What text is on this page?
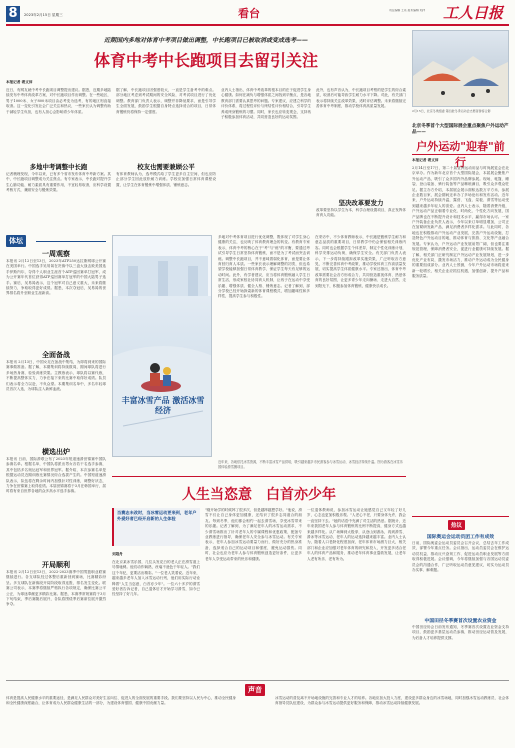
8	2023年2月15日 星期三	看台	责任编辑 王亮 美术编辑 刘洋	工人日报
近期国内多地对体育中考项目做出调整，中长跑项目已被取消或变成选考——
体育中考中长跑项目去留引关注
本报记者 裴文沛
近日，有网友就中考中长跑项目调整提出建议。据悉，近期多地陆续发布中考体育改革方案，对中长跑项目作出调整。在一些地区，男子1000米、女子800米项目由必考变为选考，有的地区则直接取消。这一变化引发社会广泛关注和热议，一些家长认为调整有助于减轻学生负担，也有人担心会影响青少年体质。
多地中考调整中长跑
记者梳理发现，今年以来，已有多个省市发布体育中考新方案。其中，中长跑项目调整成为关注焦点。有专家表示，中长跑对提升学生心肺功能、耐力素质具有重要作用，不宜轻易取消，应科学设置考核方式，兼顾安全与锻炼效果。
据了解，中长跑项目因强度较大，一直是学生备考中的难点。部分地区考虑到考试期间的安全风险，对考试项目进行了优化调整。教育部门负责人表示，调整并非降低要求，而是引导学生全面发展，鼓励学生根据自身特点选择适合的项目，日常体育锻炼仍将保持一定强度。
校友也需要兼顾公平
有体育教师认为，选考模式给了学生更多自主空间，但也应防止部分学生因此放松耐力训练。学校应加强日常体育课程设置，让学生在体育锻炼中增强体质、锤炼意志。
业内人士指出，体育中考改革的根本目的在于促进学生身心健康。如何在减负与增强体质之间找到平衡点，是各地教育部门需要认真思考的问题。专家建议，应建立科学的评价体系，将过程性评价与终结性评价相结合，引导学生养成终身锻炼的习惯。同时，家长也应转变观念，支持孩子积极参加体育活动，共同营造良好的运动氛围。
此外，也有声音认为，中长跑项目考察的是学生的综合素质，取消后可能导致学生耐力水平下降。对此，有关部门表示将持续关注改革效果，适时评估调整。未来将继续完善体育中考制度，推动学校体育高质量发展。
坚决改革要发力
改革要坚持以学生为本，科学合理设置项目，真正发挥体育育人功能。
2月15日，北京冬奥组委 第四批冬季运动会志愿者游客合影
北京冬季首个大型国际展会重点聚焦户外运动产品——
户外运动"迎春"前行
本报记者 裴文沛
2月14日至17日，第二十届亚洲运动用品与时尚展览会在北京举办。作为新年北京首个大型国际展会，本届展会聚焦户外运动产品，吸引了众多国内外品牌参展。现场，帐篷、睡袋、登山装备、骑行装备等产品琳琅满目，吸引众多观众驻足。据主办方介绍，本届展会展示面积达数万平方米，参展企业数百家，展会期间还举办了多场论坛和发布活动。近年来，户外运动持续升温，露营、飞盘、桨板、滑雪等运动受到越来越多年轻人的喜爱。业内人士表示，随着消费升级，户外运动产品正朝着专业化、时尚化、个性化方向发展，国产品牌也在不断提升设计和技术水平，赢得市场认可。一家户外装备企业负责人表示，今年以来订单明显增加，公司正在加紧研发新产品，满足消费者多样化需求。与此同时，各地也在积极推动户外运动产业发展，完善户外运动设施，打造特色户外运动目的地，推动体育与旅游、文化等产业融合发展。专家认为，户外运动产业发展前景广阔，但也要注重规范管理，保障消费者安全，促进行业健康可持续发展。据了解，相关部门正研究制定户外运动产业发展规划，进一步优化产业布局，激发市场活力，推动户外运动成为全民健身的重要组成部分。业内人士预测，今年户外运动市场将迎来新一轮增长，相关企业应抓住机遇，加强创新，提升产品和服务质量。
热议
国际奥运会运动员团工作有成效
日前，国际奥委会运动员委员会召开会议，总结去年工作成效，部署今年重点任务。会议指出，运动员委员会在维护运动员权益、推动反兴奋剂工作、促进运动员职业发展等方面取得积极进展。会议强调，今年将继续加强与各国运动员委员会的沟通合作，广泛听取运动员意见建议，切实为运动员办实事、解难题。
中国田径冬季赛首次设置农业资金
中国田径协会日前发布通知，冬季赛首次设置农业资金支持项目，鼓励更多基层运动员参赛，推动田径运动普及发展，为后备人才培养提供支撑。
体坛
一周观察
本报讯 2月12日至13日，2023年ATP250达拉斯网球公开赛在美国举行。中国选手吴易昺在决赛中以三盘大战击败美国选手伊斯内尔，夺得个人职业生涯首个ATP巡回赛单打冠军，成为公开赛年代首位获得ATP巡回赛单打冠军的中国大陆男子选手。赛后，吴易昺表示，这个冠军对自己意义重大，未来将继续努力，争取取得更好成绩。据悉，本次夺冠后，吴易昺的世界排名将升至职业生涯新高。
全面备战
本报讯 2月13日，中国女足在备战中集结，为即将到来的国际赛事做准备。据了解，本期集训将持续数周，期间球队将进行多场热身赛，检验训练效果。主教练表示，球队将以赛代练，不断提高整体实力，力争在接下来的比赛中取得好成绩。队员们表示将全力以赴，不负众望。本期集训名单中，多名年轻球员首次入选，为球队注入新鲜血液。
横选出炉
本报讯 日前，国际滑联公布了2023年短道速滑世锦赛中国队参赛名单。根据名单，中国队将派出男女各若干名选手参赛，其中包括多名奥运冠军和世界冠军。据介绍，本次参赛名单是根据运动员近期训练比赛情况综合选拔产生的。中国短道速滑队表示，队伍将在剩余时间内加强针对性训练，调整好状态，力争在世锦赛上取得佳绩。本届世锦赛将于3月在韩国举行，届时将有来自世界各地的众多高水平选手参赛。
开局顺利
本报讯 2月12日至13日，2022-2023赛季中国男篮职业联赛继续进行。各支球队经过休整后重新回到赛场，比赛精彩纷呈。多支球队在新赛段开局阶段取得连胜，排名发生变化。联赛公司表示，本赛季将继续严格执行各项规定，确保比赛公平公正，为球迷奉献更多精彩比赛。据悉，本赛季常规赛将于3月下旬结束，季后赛随后展开，各队将围绕季后赛席位展开激烈争夺。
丰富冰雪产品 激活冰雪经济
多地对中考体育项目进行优化调整，既体现了对学生身心健康的关注，也反映了体育教育理念的转变。有教育专家表示，体育中考的核心在于"考"与"练"的平衡，要通过考试引导学生日常坚持体育锻炼，而不是为了考试而突击训练。调整中长跑项目，并不意味着弱化体育，而是要让体育回归育人本质。一些家长表示理解调整的初衷，但也希望学校能够加强日常体育教学，保证学生每天有足够的运动时间。此外，有学者建议，应当将体育锻炼融入学生日常生活，形成家校社协同育人机制，让孩子在运动中享受乐趣、增强体质、健全人格、锤炼意志。记者了解到，部分学校已经开始探索新的体育课程模式，增加趣味性和多样性，提高学生参与积极性。
在采访中，不少体育教师表示，中长跑是锻炼学生耐力和意志品质的重要项目，日常教学中仍会保留相关训练内容。同时也会根据学生个体差异，制定个性化训练计划，科学安排运动负荷，确保学生安全。有关部门负责人表示，下一步将持续跟踪改革实施效果，广泛听取各方意见，不断完善体育中考政策，推动学校体育工作高质量发展，切实提高学生体质健康水平。专家还指出，体育中考改革需要社会各方形成合力，共同营造重视体育、热爱体育的良好氛围，让更多青少年走向操场、走进大自然、走到阳光下，积极参加体育锻炼，健康快乐成长。
近年来，各地依托冰雪资源，不断丰富冰雪产品供给，吸引越来越多市民游客参与冰雪运动，冰雪经济持续升温。图为游客在冰雪乐园体验滑雪圈项目。
人生当恣意　白首亦少年
当赛志未改时，当冰雪运动更来到，老年户外爱好者已经开启新的人生体验
刘超舟
在北京某冰雪乐园，几位头发花白的老人正在滑雪道上尽情驰骋。他们动作娴熟，丝毫不逊色于年轻人。"我们这个年纪，更要活出精彩。"一位老人笑着说。近年来，越来越多老年人加入冰雪运动行列，他们用实际行动诠释着"人生当恣意，白首亦少年"。一位六十多岁的滑雪爱好者告诉记者，自己退休后才开始学习滑雪，如今已经坚持了好几年。
"刚开始学的时候摔了很多次，但是越摔越想学好。"他说，滑雪不仅让自己身体更加健康，还结识了很多志同道合的朋友。每到冬季，他们都会相约一起去滑雪场，享受冰雪带来的乐趣。记者了解到，为了满足老年人的冰雪运动需求，不少滑雪场推出了针对老年人的专属课程和优惠政策，配备专业教练进行指导，确保老年人安全参与冰雪运动。有关专家表示，老年人参加冰雪运动要量力而行，做好充分的热身准备，选择适合自己的运动项目和强度，避免运动损伤。同时，社会也应为老年人参与体育锻炼创造更好条件，让更多老年人享受运动带来的快乐和健康。
一位退休教师说，参加冰雪运动让她感觉自己又年轻了好几岁，心态也更加积极乐观。"人老心不老，只要身体允许，我会一直坚持下去。"她的话语中充满了对生活的热爱。据统计，近年来我国老年人参与体育锻炼的比例不断提高，健身方式也越来越多样化。从广场舞到太极拳，从登山到游泳，再到滑雪、滑冰等冰雪运动，老年人的运动选择越来越丰富。业内人士认为，随着人口老龄化程度加深，老年体育市场潜力巨大，相关部门和企业应加强对老年体育的研究和投入，开发更多适合老年人的体育产品和服务，推动老年体育事业蓬勃发展，让老年人老有所乐、老有所为。
声音
体育是提高人民健康水平的重要途径，是满足人民群众对美好生活向往、促进人的全面发展的重要手段。我们要坚持以人民为中心，推动全民健身和全民健康深度融合，让体育成为人民群众健康生活的一部分，为建设体育强国、健康中国贡献力量。
冰雪运动的普及离不开场地设施的完善和专业人才的培养。各地应加大投入力度，建设更多群众身边的冰雪场地，同时加强冰雪运动教练员、社会体育指导员队伍建设，为群众参与冰雪运动提供更好服务和保障，推动冰雪运动持续健康发展。
